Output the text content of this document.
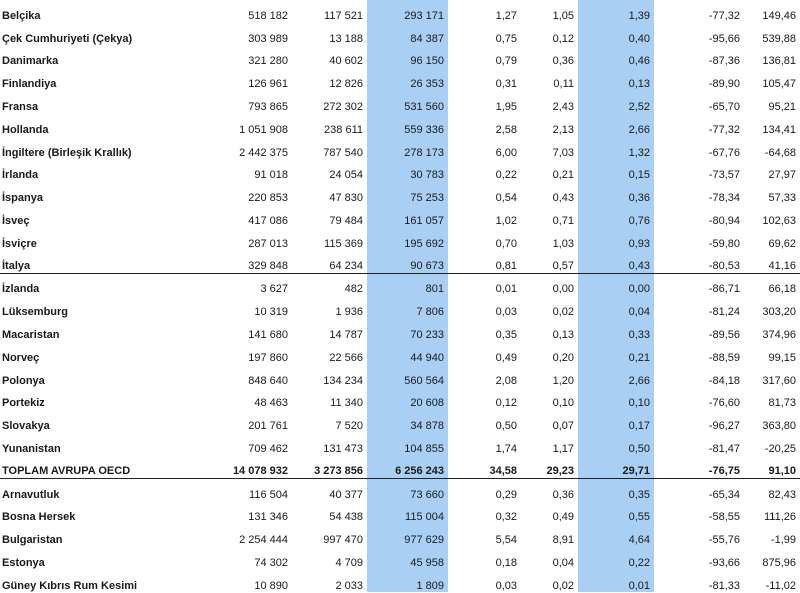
Belçika	518 182	117 521	293 171	1,27	1,05	1,39	-77,32	149,46
Çek Cumhuriyeti (Çekya)	303 989	13 188	84 387	0,75	0,12	0,40	-95,66	539,88
Danimarka	321 280	40 602	96 150	0,79	0,36	0,46	-87,36	136,81
Finlandiya	126 961	12 826	26 353	0,31	0,11	0,13	-89,90	105,47
Fransa	793 865	272 302	531 560	1,95	2,43	2,52	-65,70	95,21
Hollanda	1 051 908	238 611	559 336	2,58	2,13	2,66	-77,32	134,41
İngiltere (Birleşik Krallık)	2 442 375	787 540	278 173	6,00	7,03	1,32	-67,76	-64,68
İrlanda	91 018	24 054	30 783	0,22	0,21	0,15	-73,57	27,97
İspanya	220 853	47 830	75 253	0,54	0,43	0,36	-78,34	57,33
İsveç	417 086	79 484	161 057	1,02	0,71	0,76	-80,94	102,63
İsviçre	287 013	115 369	195 692	0,70	1,03	0,93	-59,80	69,62
İtalya	329 848	64 234	90 673	0,81	0,57	0,43	-80,53	41,16
İzlanda	3 627	482	801	0,01	0,00	0,00	-86,71	66,18
Lüksemburg	10 319	1 936	7 806	0,03	0,02	0,04	-81,24	303,20
Macaristan	141 680	14 787	70 233	0,35	0,13	0,33	-89,56	374,96
Norveç	197 860	22 566	44 940	0,49	0,20	0,21	-88,59	99,15
Polonya	848 640	134 234	560 564	2,08	1,20	2,66	-84,18	317,60
Portekiz	48 463	11 340	20 608	0,12	0,10	0,10	-76,60	81,73
Slovakya	201 761	7 520	34 878	0,50	0,07	0,17	-96,27	363,80
Yunanistan	709 462	131 473	104 855	1,74	1,17	0,50	-81,47	-20,25
TOPLAM AVRUPA OECD	14 078 932	3 273 856	6 256 243	34,58	29,23	29,71	-76,75	91,10
Arnavutluk	116 504	40 377	73 660	0,29	0,36	0,35	-65,34	82,43
Bosna Hersek	131 346	54 438	115 004	0,32	0,49	0,55	-58,55	111,26
Bulgaristan	2 254 444	997 470	977 629	5,54	8,91	4,64	-55,76	-1,99
Estonya	74 302	4 709	45 958	0,18	0,04	0,22	-93,66	875,96
Güney Kıbrıs Rum Kesimi	10 890	2 033	1 809	0,03	0,02	0,01	-81,33	-11,02
